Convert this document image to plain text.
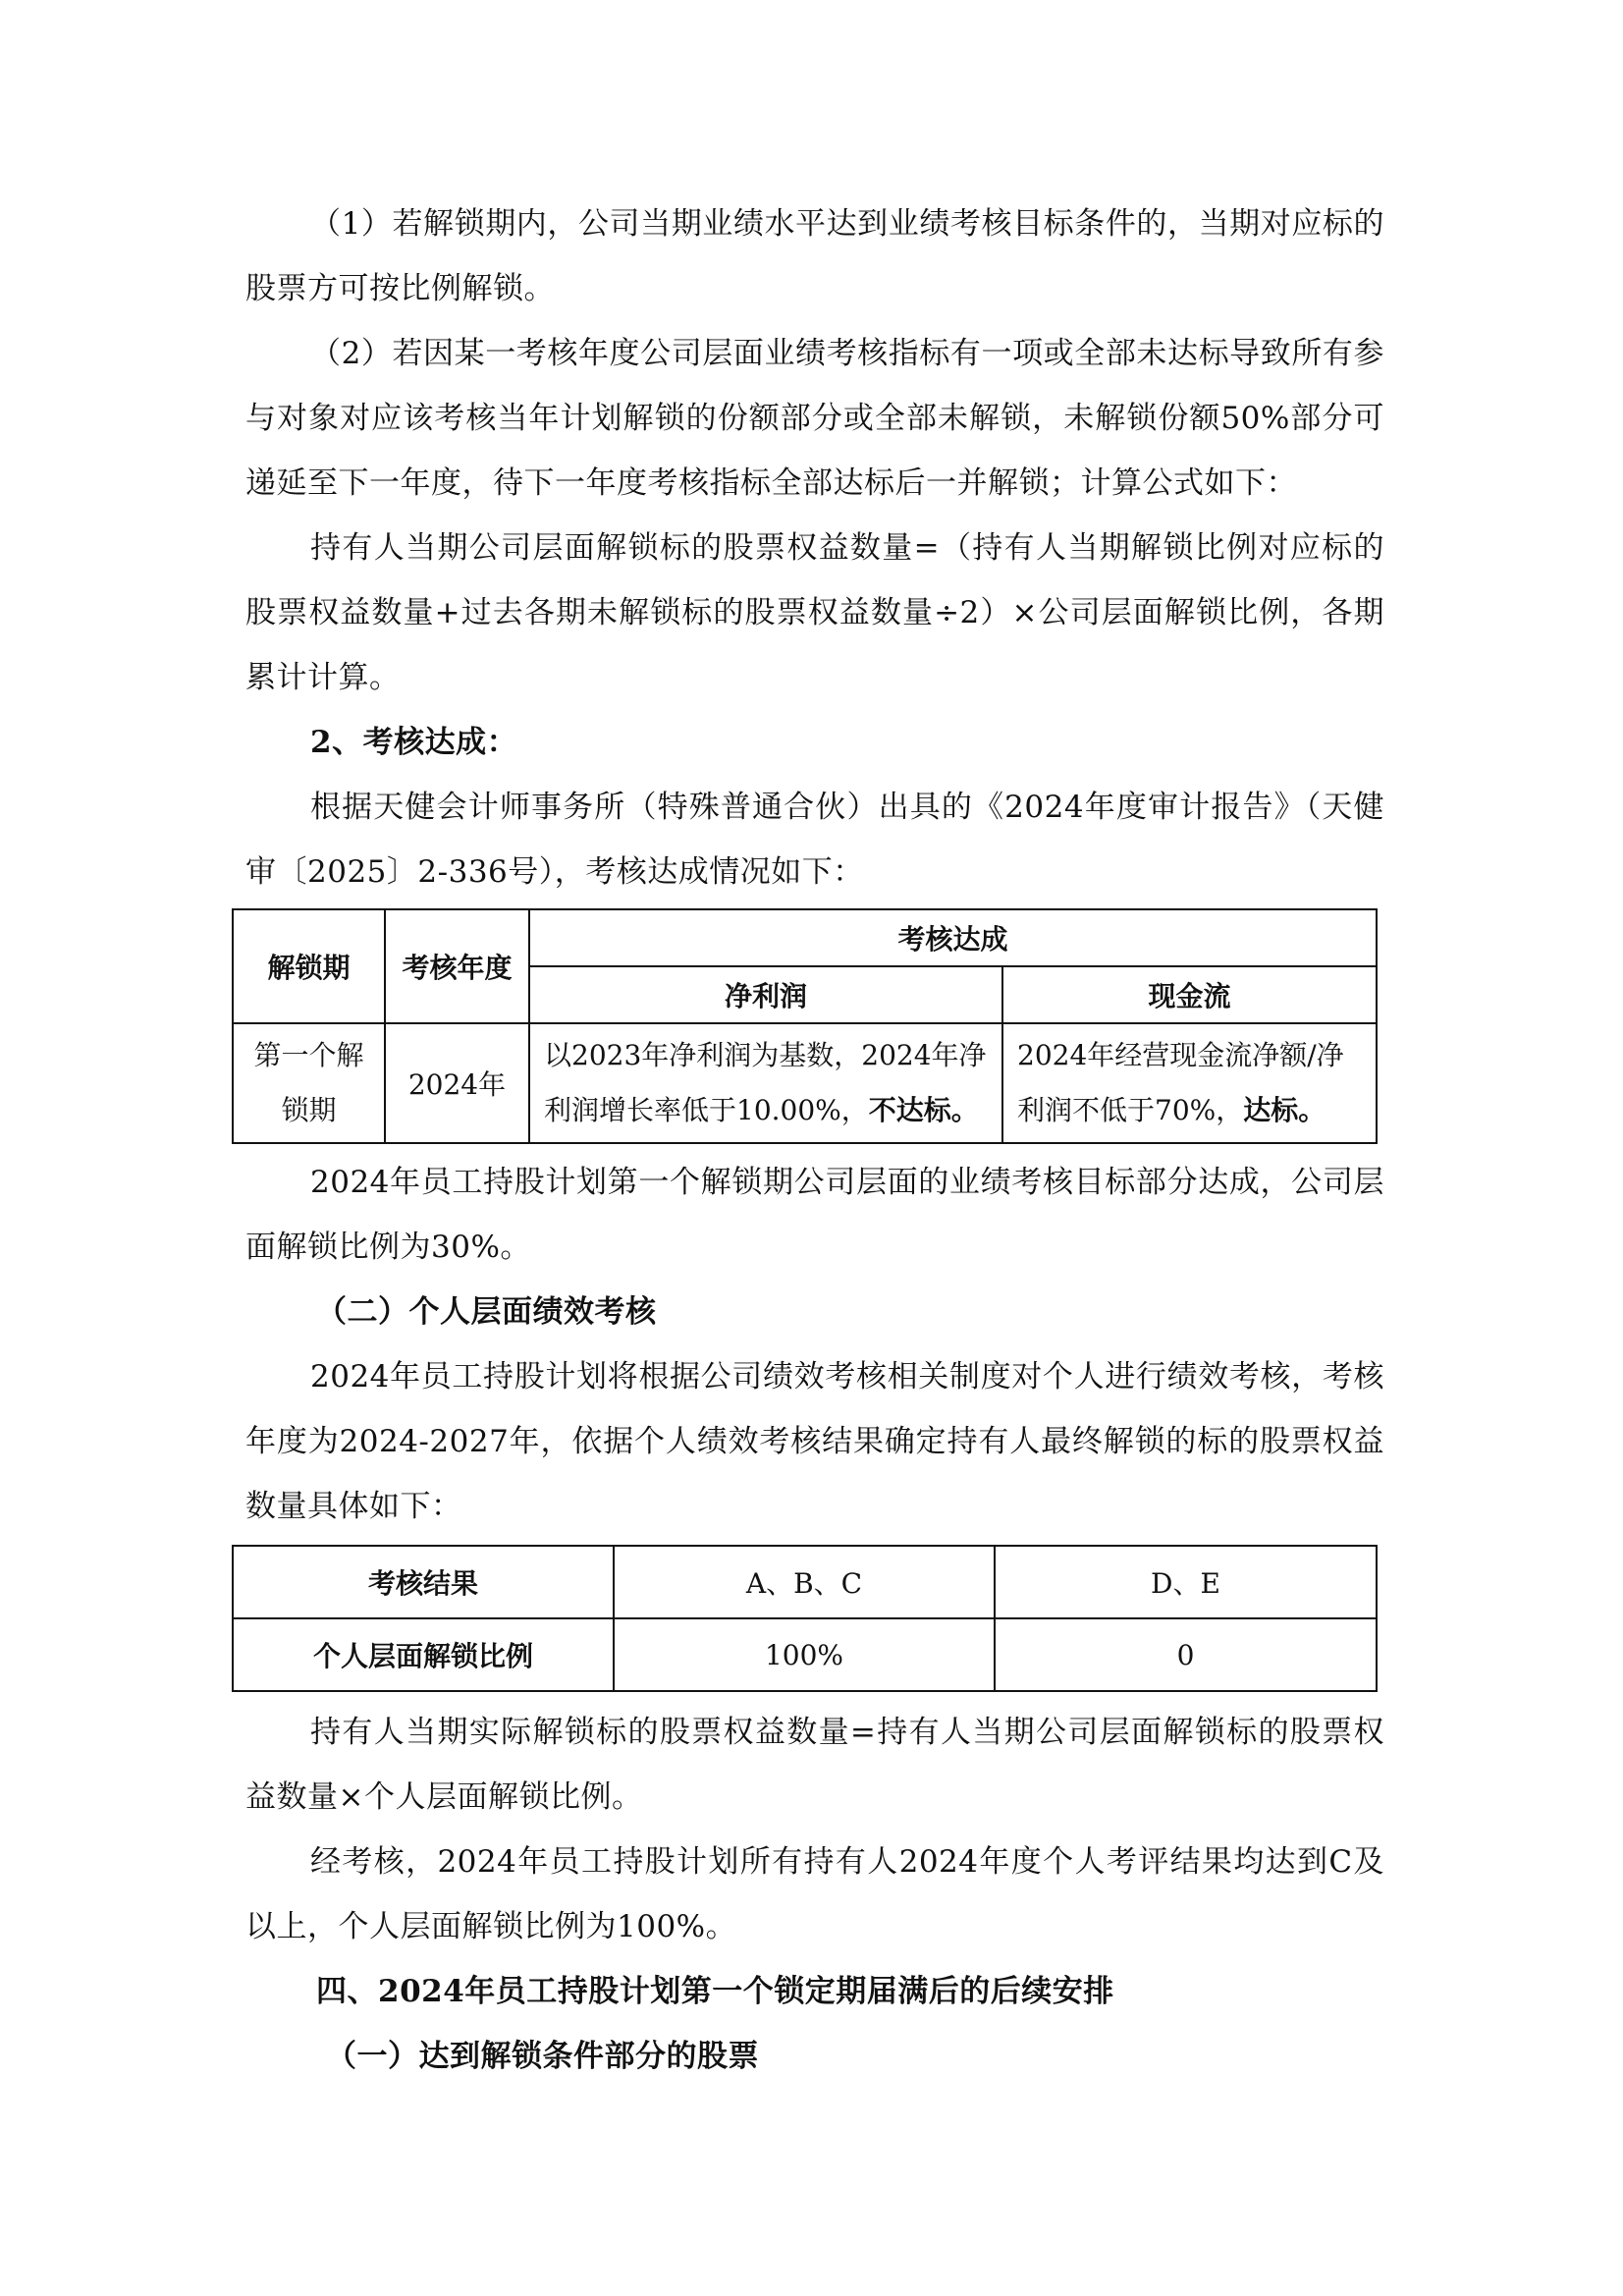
（1）若解锁期内，公司当期业绩水平达到业绩考核目标条件的，当期对应标的股票方可按比例解锁。

（2）若因某一考核年度公司层面业绩考核指标有一项或全部未达标导致所有参与对象对应该考核当年计划解锁的份额部分或全部未解锁，未解锁份额50%部分可递延至下一年度，待下一年度考核指标全部达标后一并解锁；计算公式如下：

持有人当期公司层面解锁标的股票权益数量=（持有人当期解锁比例对应标的股票权益数量+过去各期未解锁标的股票权益数量÷2）×公司层面解锁比例，各期累计计算。

2、考核达成：

根据天健会计师事务所（特殊普通合伙）出具的《2024年度审计报告》（天健审〔2025〕2-336号），考核达成情况如下：

解锁期	考核年度	考核达成	
		净利润	现金流
第一个解锁期	2024年	以2023年净利润为基数，2024年净利润增长率低于10.00%，不达标。	2024年经营现金流净额/净利润不低于70%，达标。

2024年员工持股计划第一个解锁期公司层面的业绩考核目标部分达成，公司层面解锁比例为30%。

（二）个人层面绩效考核

2024年员工持股计划将根据公司绩效考核相关制度对个人进行绩效考核，考核年度为2024-2027年，依据个人绩效考核结果确定持有人最终解锁的标的股票权益数量具体如下：

考核结果	A、B、C	D、E
个人层面解锁比例	100%	0

持有人当期实际解锁标的股票权益数量=持有人当期公司层面解锁标的股票权益数量×个人层面解锁比例。

经考核，2024年员工持股计划所有持有人2024年度个人考评结果均达到C及以上，个人层面解锁比例为100%。

四、2024年员工持股计划第一个锁定期届满后的后续安排

（一）达到解锁条件部分的股票
